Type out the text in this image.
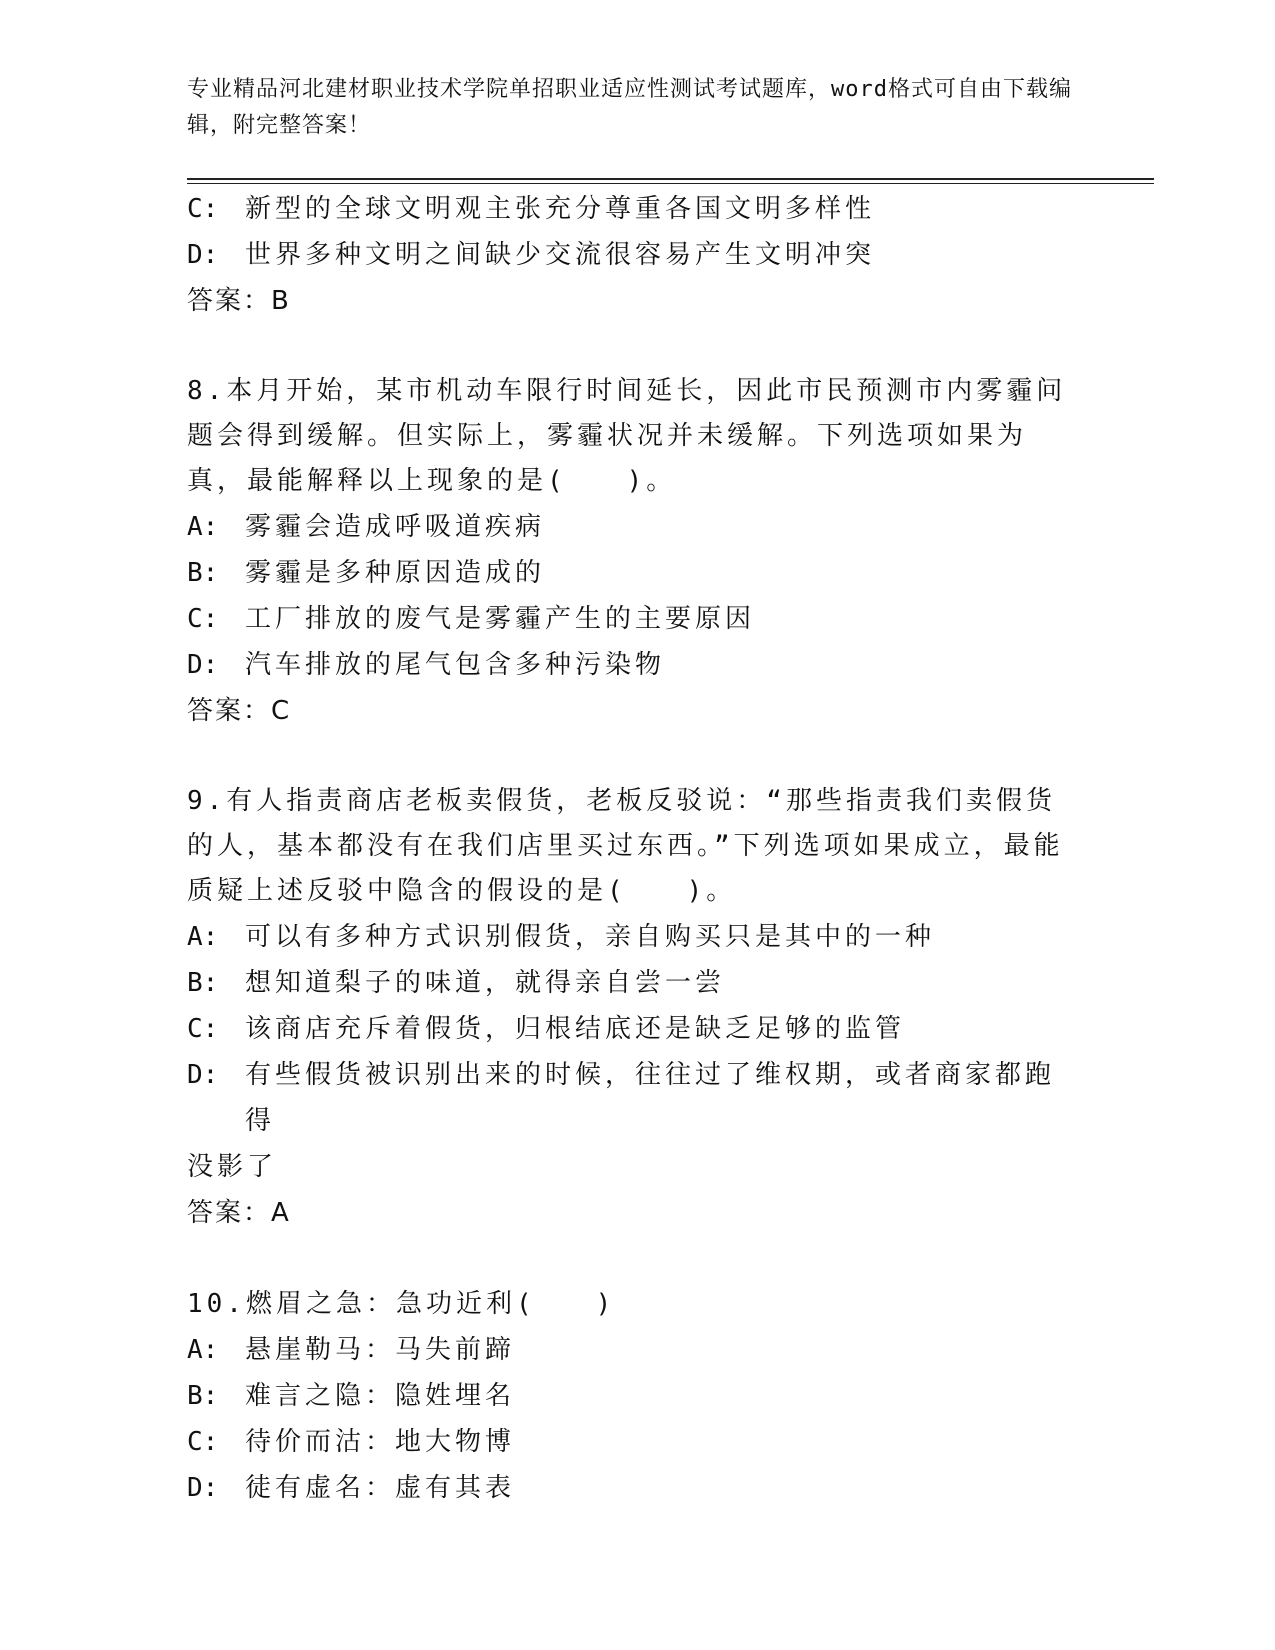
专业精品河北建材职业技术学院单招职业适应性测试考试题库，word格式可自由下载编辑，附完整答案！
C:	新型的全球文明观主张充分尊重各国文明多样性
D:	世界多种文明之间缺少交流很容易产生文明冲突
答案：B
8.本月开始，某市机动车限行时间延长，因此市民预测市内雾霾问题会得到缓解。但实际上，雾霾状况并未缓解。下列选项如果为真，最能解释以上现象的是(　　)。
A:	雾霾会造成呼吸道疾病
B:	雾霾是多种原因造成的
C:	工厂排放的废气是雾霾产生的主要原因
D:	汽车排放的尾气包含多种污染物
答案：C
9.有人指责商店老板卖假货，老板反驳说：“那些指责我们卖假货的人，基本都没有在我们店里买过东西。”下列选项如果成立，最能质疑上述反驳中隐含的假设的是(　　)。
A:	可以有多种方式识别假货，亲自购买只是其中的一种
B:	想知道梨子的味道，就得亲自尝一尝
C:	该商店充斥着假货，归根结底还是缺乏足够的监管
D:	有些假货被识别出来的时候，往往过了维权期，或者商家都跑得
没影了
答案：A
10.燃眉之急：急功近利(　　)
A:	悬崖勒马：马失前蹄
B:	难言之隐：隐姓埋名
C:	待价而沽：地大物博
D:	徒有虚名：虚有其表
